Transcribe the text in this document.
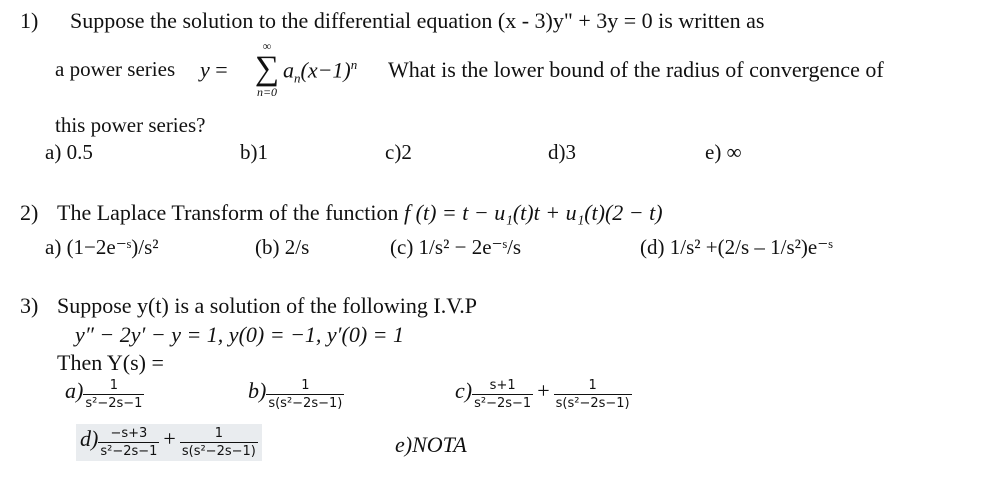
1) Suppose the solution to the differential equation (x - 3)y" + 3y = 0 is written as
a power series y =
∞
∑
n=0
$a_n(x-1)^n$ What is the lower bound of the radius of convergence of
this power series?
a) 0.5	b)1	c)2	d)3	e) ∞
2) The Laplace Transform of the function f (t) = t − u₁(t)t + u₁(t)(2 − t)
a) (1−2e⁻ˢ)/s²	(b) 2/s	(c) 1/s² − 2e⁻ˢ/s	(d) 1/s² +(2/s – 1/s²)e⁻ˢ
3) Suppose y(t) is a solution of the following I.V.P
y″ − 2y′ − y = 1, y(0) = −1, y′(0) = 1
Then Y(s) =
$a) \frac{1}{\text{s²−2s−1}}$	$b) \frac{1}{\text{s(s²−2s−1)}}$	$c) \frac{s+1}{\text{s²−2s−1}} + \frac{1}{\text{s(s²−2s−1)}}$
$d) \frac{-s+3}{\text{s²−2s−1}} + \frac{1}{\text{s(s²−2s−1)}}$	e)NOTA
